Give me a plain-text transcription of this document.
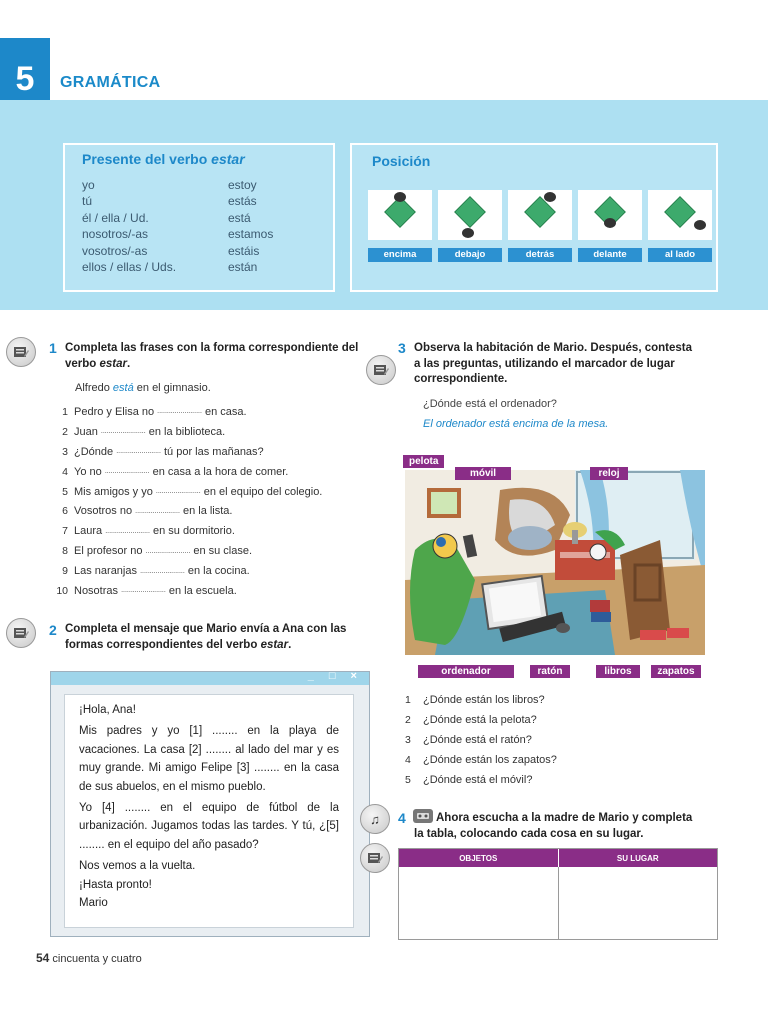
5 GRAMÁTICA
Presente del verbo estar
yo	estoy
tú	estás
él / ella / Ud.	está
nosotros/-as	estamos
vosotros/-as	estáis
ellos / ellas / Uds.	están
Posición
encima	debajo	detrás	delante	al lado
1 Completa las frases con la forma correspondiente del
verbo estar.
Alfredo está en el gimnasio.
1 Pedro y Elisa no
.......................
en casa.
2 Juan
.......................
en la biblioteca.
3 ¿Dónde
.......................
tú por las mañanas?
4 Yo no
.......................
en casa a la hora de comer.
5 Mis amigos y yo
.......................
en el equipo del colegio.
6 Vosotros no
.......................
en la lista.
7 Laura
.......................
en su dormitorio.
8 El profesor no
.......................
en su clase.
9 Las naranjas
.......................
en la cocina.
10 Nosotras
.......................
en la escuela.
2 Completa el mensaje que Mario envía a Ana con las
formas correspondientes del verbo estar.
_ □ ×

¡Hola, Ana!

Mis padres y yo [1] ........ en la playa de vacaciones. La casa [2] ........ al lado del mar y es muy grande. Mi amigo Felipe [3] ........ en la casa de sus abuelos, en el mismo pueblo.

Yo [4] ........ en el equipo de fútbol de la urbanización. Jugamos todas las tardes. Y tú, ¿[5] ........ en el equipo del año pasado?

Nos vemos a la vuelta.
¡Hasta pronto!
Mario
3 Observa la habitación de Mario. Después, contesta
a las preguntas, utilizando el marcador de lugar
correspondiente.
¿Dónde está el ordenador?
El ordenador está encima de la mesa.
pelota
móvil	reloj
ordenador	ratón	libros	zapatos
1	¿Dónde están los libros?
2	¿Dónde está la pelota?
3	¿Dónde está el ratón?
4	¿Dónde están los zapatos?
5	¿Dónde está el móvil?
♫ 4	Ahora escucha a la madre de Mario y completa
la tabla, colocando cada cosa en su lugar.
OBJETOS	SU LUGAR
54 cincuenta y cuatro
